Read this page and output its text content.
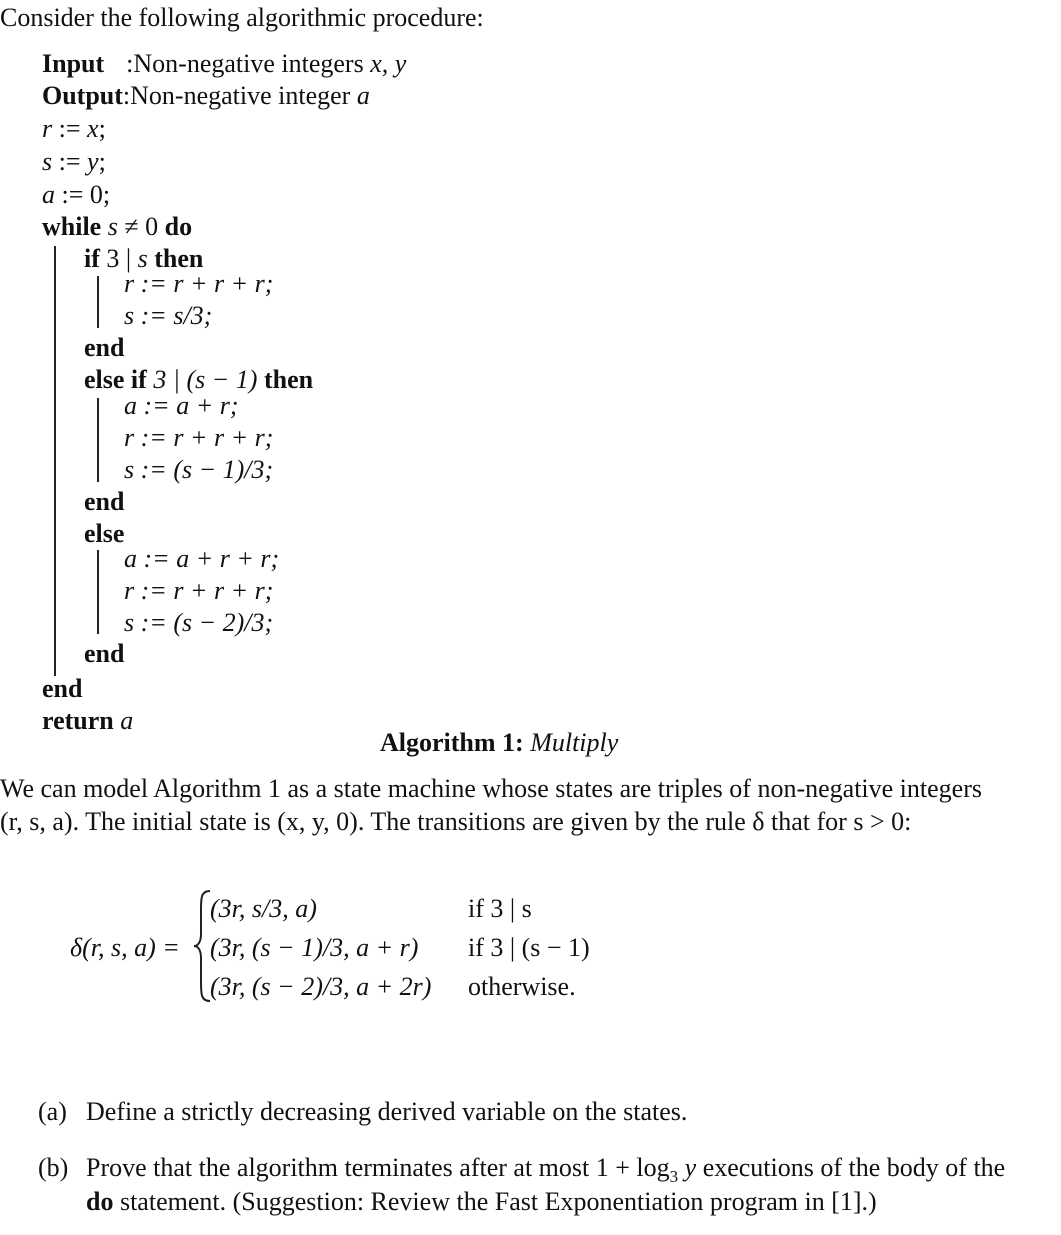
Consider the following algorithmic procedure:
Input :Non-negative integers x, y
Output:Non-negative integer a
r := x;
s := y;
a := 0;
while s ≠ 0 do
if 3 | s then
r := r + r + r;
s := s/3;
end
else if 3 | (s − 1) then
a := a + r;
r := r + r + r;
s := (s − 1)/3;
end
else
a := a + r + r;
r := r + r + r;
s := (s − 2)/3;
end
end
return a
Algorithm 1: Multiply
We can model Algorithm 1 as a state machine whose states are triples of non-negative integers
(r, s, a). The initial state is (x, y, 0). The transitions are given by the rule δ that for s > 0:
δ(r, s, a) =
(3r, s/3, a)	if 3 | s
(3r, (s − 1)/3, a + r) if 3 | (s − 1)
(3r, (s − 2)/3, a + 2r) otherwise.
(a) Define a strictly decreasing derived variable on the states.
(b) Prove that the algorithm terminates after at most $1 + \log_3 y$ executions of the body of the
do statement. (Suggestion: Review the Fast Exponentiation program in [1].)
